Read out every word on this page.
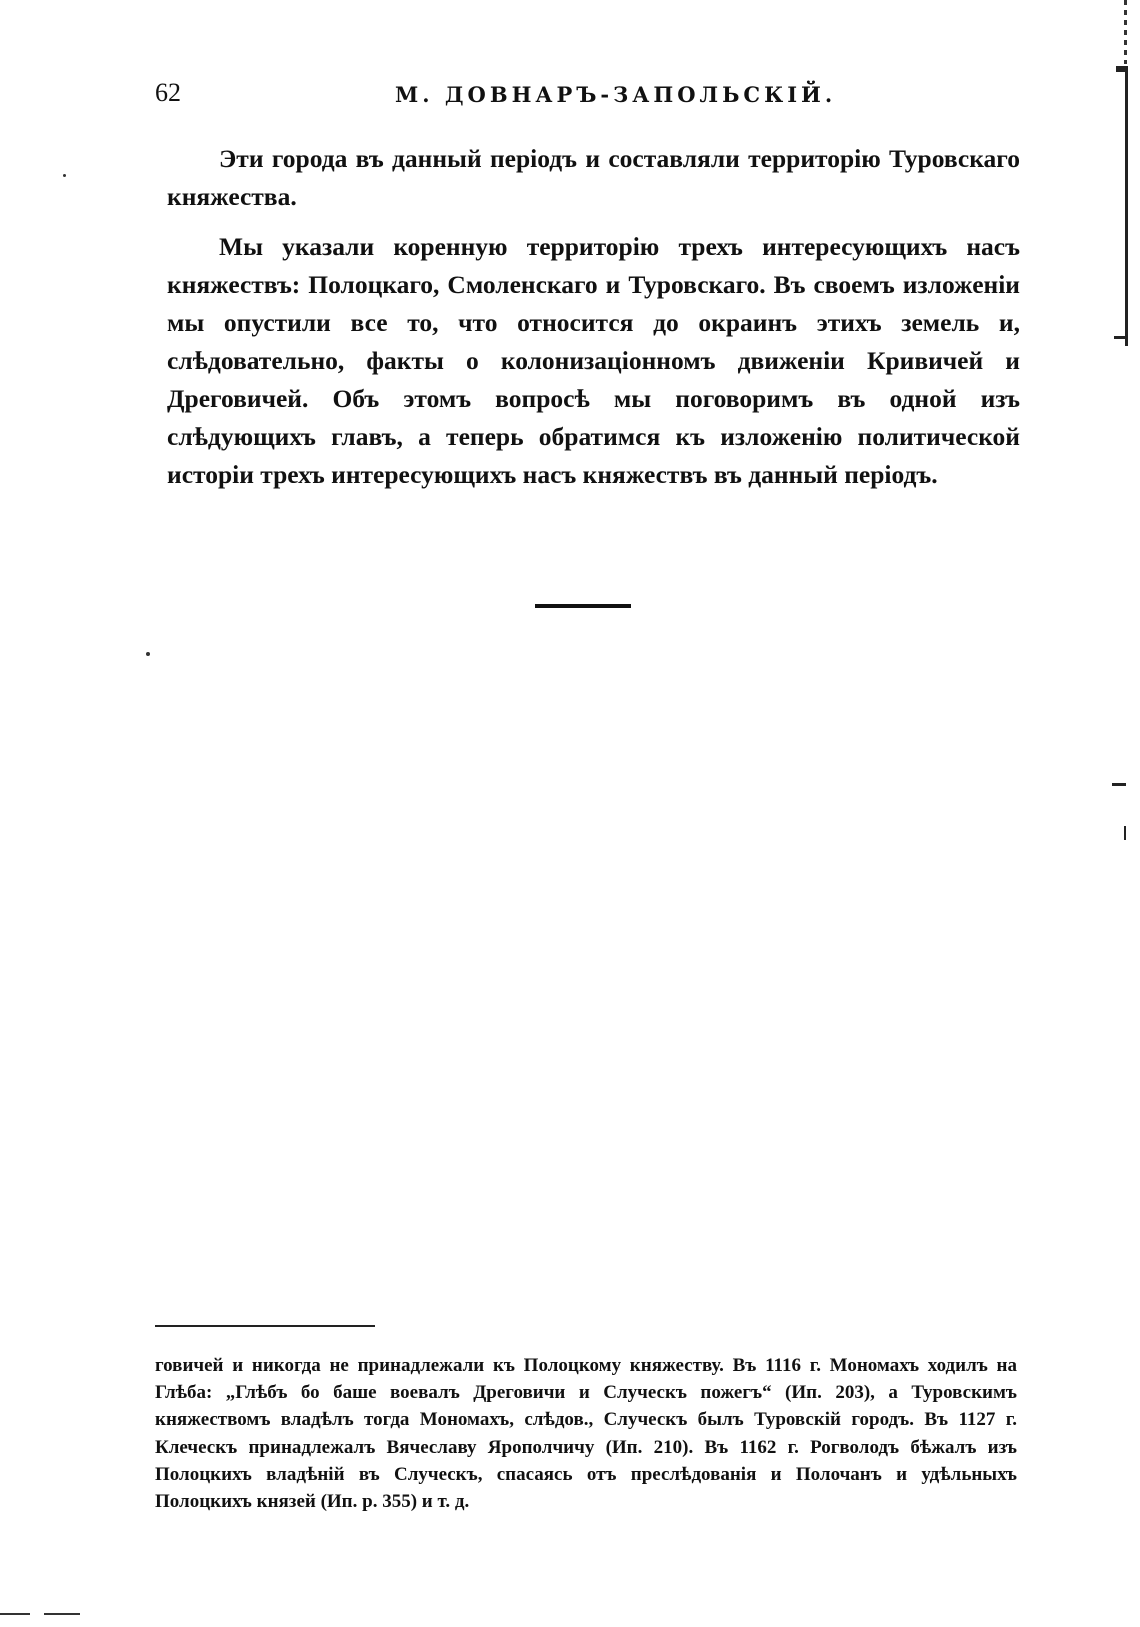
62	М. ДОВНАРЪ-ЗАПОЛЬСКІЙ.

Эти города въ данный періодъ и составляли территорію Туровскаго княжества.

Мы указали коренную территорію трехъ интересующихъ насъ княжествъ: Полоцкаго, Смоленскаго и Туровскаго. Въ своемъ изложеніи мы опустили все то, что относится до окраинъ этихъ земель и, слѣдовательно, факты о колонизаціонномъ движеніи Кривичей и Дреговичей. Объ этомъ вопросѣ мы поговоримъ въ одной изъ слѣдующихъ главъ, а теперь обратимся къ изложенію политической исторіи трехъ интересующихъ насъ княжествъ въ данный періодъ.

говичей и никогда не принадлежали къ Полоцкому княжеству. Въ 1116 г. Мономахъ ходилъ на Глѣба: „Глѣбъ бо баше воевалъ Дреговичи и Случескъ пожегъ“ (Ип. 203), а Туровскимъ княжествомъ владѣлъ тогда Мономахъ, слѣдов., Случескъ былъ Туровскій городъ. Въ 1127 г. Клеческъ принадлежалъ Вячеславу Ярополчичу (Ип. 210). Въ 1162 г. Рогволодъ бѣжалъ изъ Полоцкихъ владѣній въ Случескъ, спасаясь отъ преслѣдованія и Полочанъ и удѣльныхъ Полоцкихъ князей (Ип. р. 355) и т. д.
